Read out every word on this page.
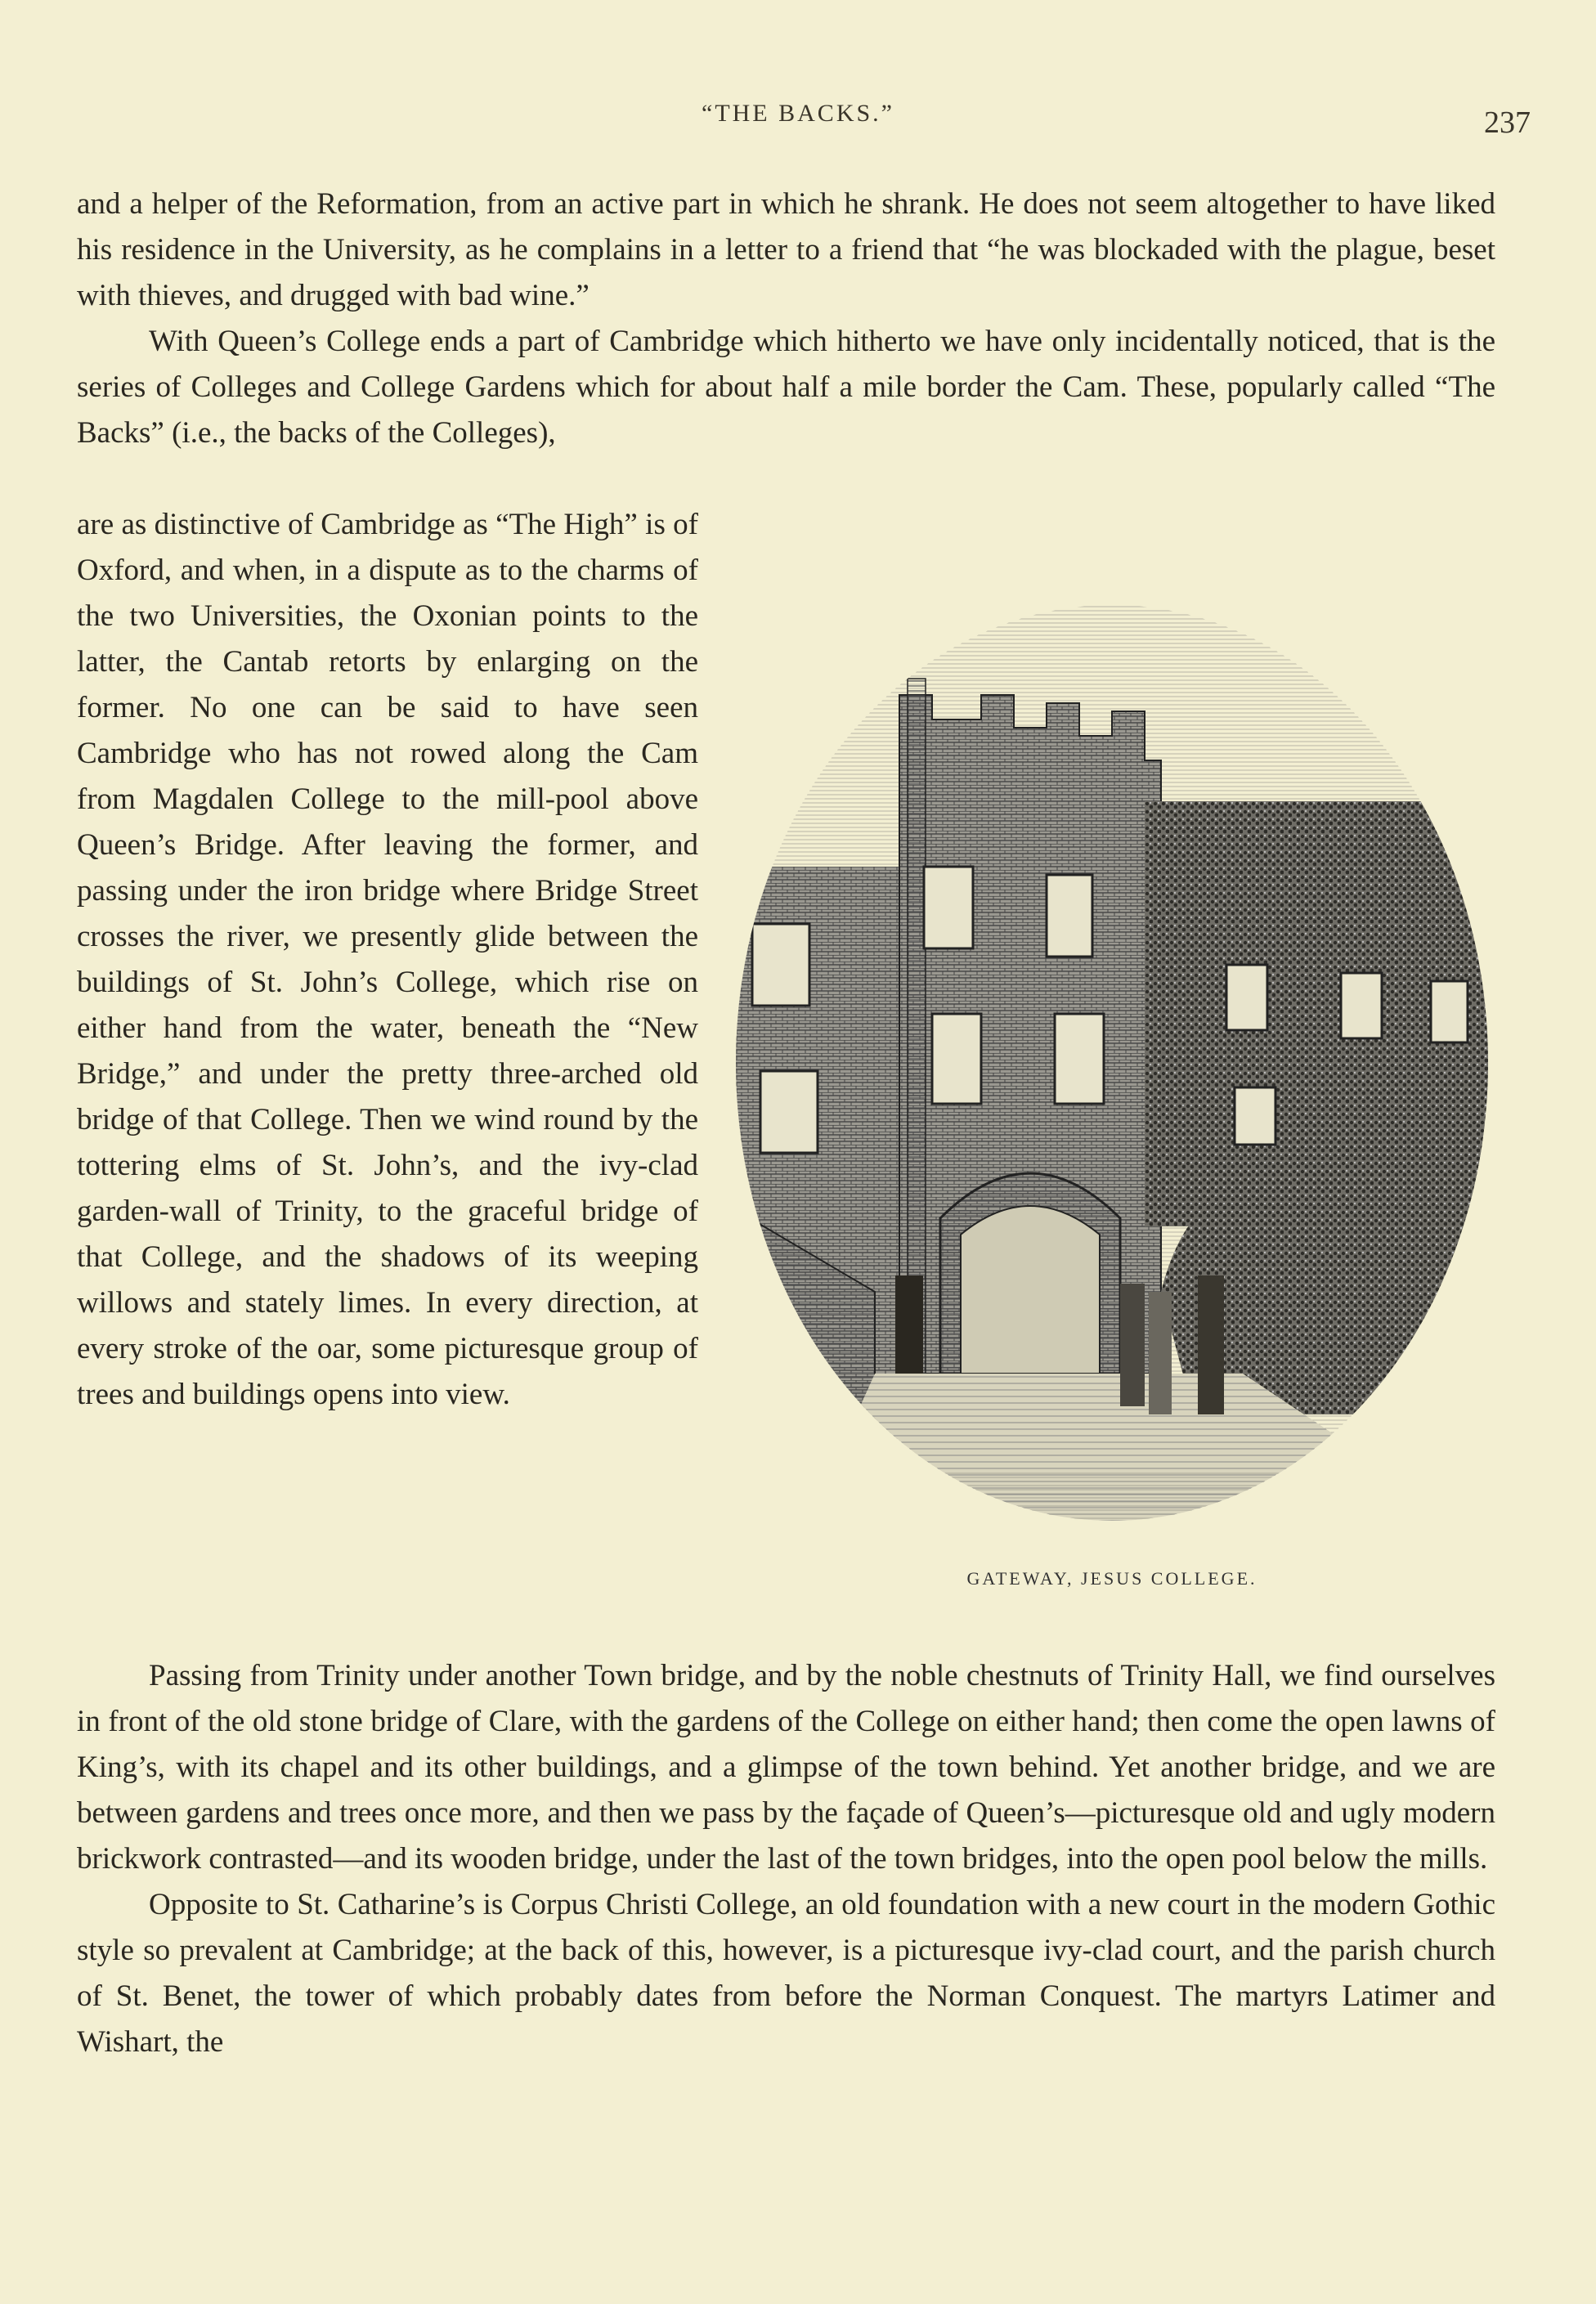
“THE BACKS.”	237

and a helper of the Reformation, from an active part in which he shrank. He does not seem altogether to have liked his residence in the University, as he complains in a letter to a friend that “he was blockaded with the plague, beset with thieves, and drugged with bad wine.”

With Queen’s College ends a part of Cambridge which hitherto we have only incidentally noticed, that is the series of Colleges and College Gardens which for about half a mile border the Cam. These, popularly called “The Backs” (i.e., the backs of the Colleges),

are as distinctive of Cambridge as “The High” is of Oxford, and when, in a dispute as to the charms of the two Universities, the Oxonian points to the latter, the Cantab retorts by enlarging on the former. No one can be said to have seen Cambridge who has not rowed along the Cam from Magdalen College to the mill-pool above Queen’s Bridge. After leaving the former, and passing under the iron bridge where Bridge Street crosses the river, we presently glide between the buildings of St. John’s College, which rise on either hand from the water, beneath the “New Bridge,” and under the pretty three-arched old bridge of that College. Then we wind round by the tottering elms of St. John’s, and the ivy-clad garden-wall of Trinity, to the graceful bridge of that College, and the shadows of its weeping willows and stately limes. In every direction, at every stroke of the oar, some picturesque group of trees and buildings opens into view.

GATEWAY, JESUS COLLEGE.

Passing from Trinity under another Town bridge, and by the noble chestnuts of Trinity Hall, we find ourselves in front of the old stone bridge of Clare, with the gardens of the College on either hand; then come the open lawns of King’s, with its chapel and its other buildings, and a glimpse of the town behind. Yet another bridge, and we are between gardens and trees once more, and then we pass by the façade of Queen’s—picturesque old and ugly modern brickwork contrasted—and its wooden bridge, under the last of the town bridges, into the open pool below the mills.

Opposite to St. Catharine’s is Corpus Christi College, an old foundation with a new court in the modern Gothic style so prevalent at Cambridge; at the back of this, however, is a picturesque ivy-clad court, and the parish church of St. Benet, the tower of which probably dates from before the Norman Conquest. The martyrs Latimer and Wishart, the
